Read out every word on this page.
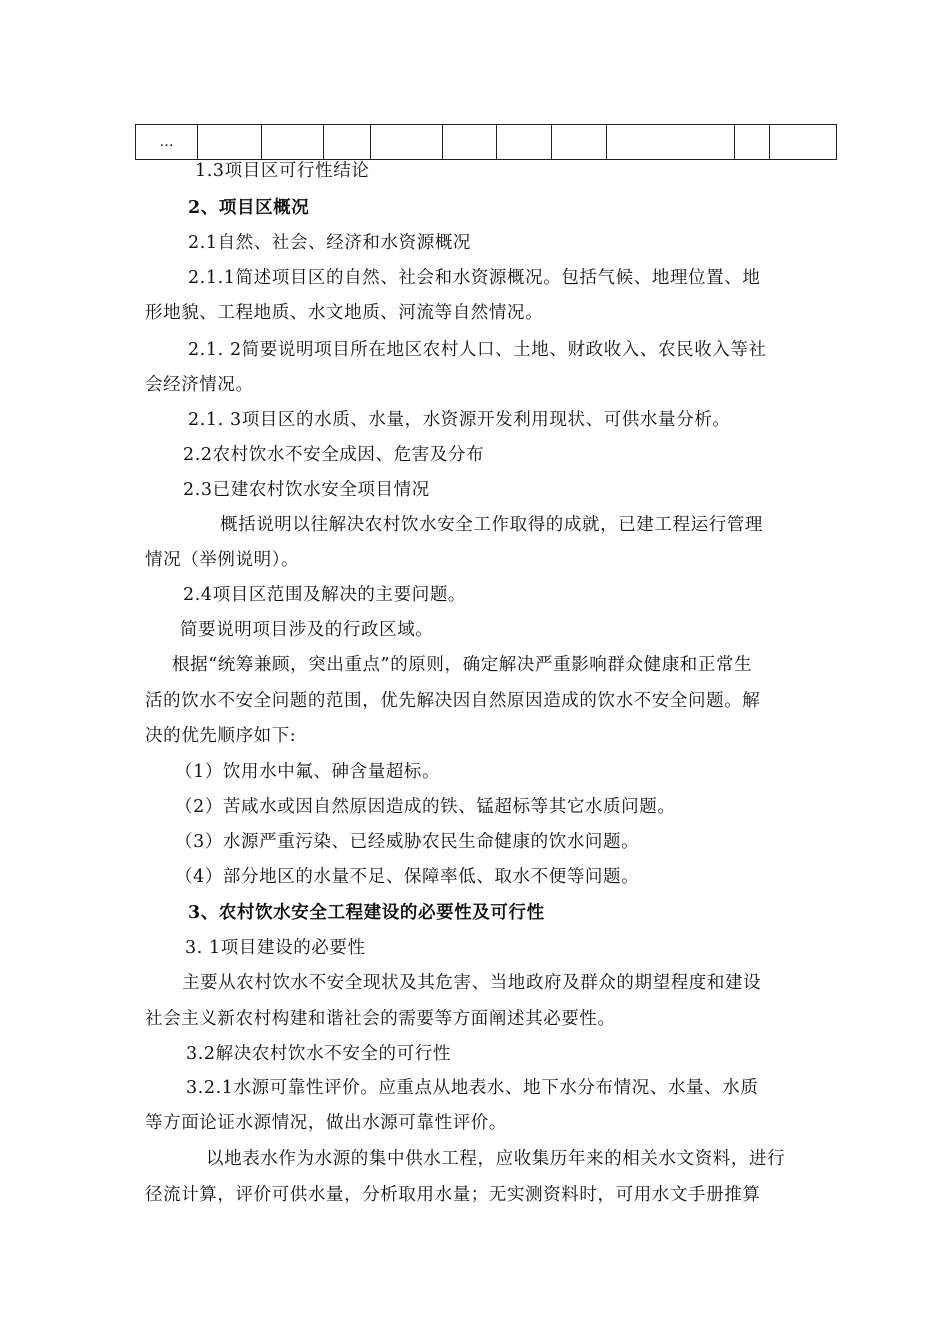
…										
1.3项目区可行性结论
2、项目区概况
2.1自然、社会、经济和水资源概况
2.1.1简述项目区的自然、社会和水资源概况。包括气候、地理位置、地
形地貌、工程地质、水文地质、河流等自然情况。
2.1. 2简要说明项目所在地区农村人口、土地、财政收入、农民收入等社
会经济情况。
2.1. 3项目区的水质、水量，水资源开发利用现状、可供水量分析。
2.2农村饮水不安全成因、危害及分布
2.3已建农村饮水安全项目情况
概括说明以往解决农村饮水安全工作取得的成就，已建工程运行管理
情况（举例说明）。
2.4项目区范围及解决的主要问题。
简要说明项目涉及的行政区域。
根据“统筹兼顾，突出重点”的原则，确定解决严重影响群众健康和正常生
活的饮水不安全问题的范围，优先解决因自然原因造成的饮水不安全问题。解
决的优先顺序如下:
（1）饮用水中氟、砷含量超标。
（2）苦咸水或因自然原因造成的铁、锰超标等其它水质问题。
（3）水源严重污染、已经威胁农民生命健康的饮水问题。
（4）部分地区的水量不足、保障率低、取水不便等问题。
3、农村饮水安全工程建设的必要性及可行性
3. 1项目建设的必要性
主要从农村饮水不安全现状及其危害、当地政府及群众的期望程度和建设
社会主义新农村构建和谐社会的需要等方面阐述其必要性。
3.2解决农村饮水不安全的可行性
3.2.1水源可靠性评价。应重点从地表水、地下水分布情况、水量、水质
等方面论证水源情况，做出水源可靠性评价。
以地表水作为水源的集中供水工程，应收集历年来的相关水文资料，进行
径流计算，评价可供水量，分析取用水量；无实测资料时，可用水文手册推算
